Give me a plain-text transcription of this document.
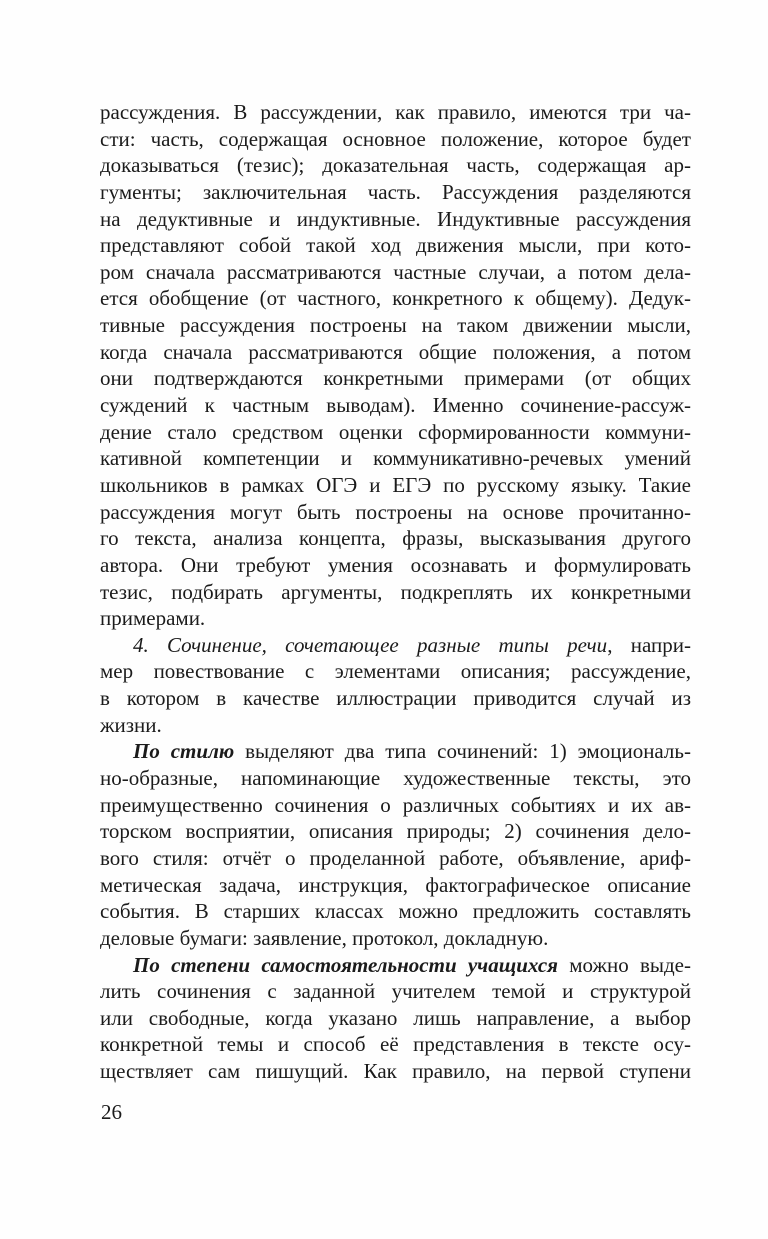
рассуждения. В рассуждении, как правило, имеются три ча-
сти: часть, содержащая основное положение, которое будет
доказываться (тезис); доказательная часть, содержащая ар-
гументы; заключительная часть. Рассуждения разделяются
на дедуктивные и индуктивные. Индуктивные рассуждения
представляют собой такой ход движения мысли, при кото-
ром сначала рассматриваются частные случаи, а потом дела-
ется обобщение (от частного, конкретного к общему). Дедук-
тивные рассуждения построены на таком движении мысли,
когда сначала рассматриваются общие положения, а потом
они подтверждаются конкретными примерами (от общих
суждений к частным выводам). Именно сочинение-рассуж-
дение стало средством оценки сформированности коммуни-
кативной компетенции и коммуникативно-речевых умений
школьников в рамках ОГЭ и ЕГЭ по русскому языку. Такие
рассуждения могут быть построены на основе прочитанно-
го текста, анализа концепта, фразы, высказывания другого
автора. Они требуют умения осознавать и формулировать
тезис, подбирать аргументы, подкреплять их конкретными
примерами.
4. Сочинение, сочетающее разные типы речи, напри-
мер повествование с элементами описания; рассуждение,
в котором в качестве иллюстрации приводится случай из
жизни.
По стилю выделяют два типа сочинений: 1) эмоциональ-
но-образные, напоминающие художественные тексты, это
преимущественно сочинения о различных событиях и их ав-
торском восприятии, описания природы; 2) сочинения дело-
вого стиля: отчёт о проделанной работе, объявление, ариф-
метическая задача, инструкция, фактографическое описание
события. В старших классах можно предложить составлять
деловые бумаги: заявление, протокол, докладную.
По степени самостоятельности учащихся можно выде-
лить сочинения с заданной учителем темой и структурой
или свободные, когда указано лишь направление, а выбор
конкретной темы и способ её представления в тексте осу-
ществляет сам пишущий. Как правило, на первой ступени
26
